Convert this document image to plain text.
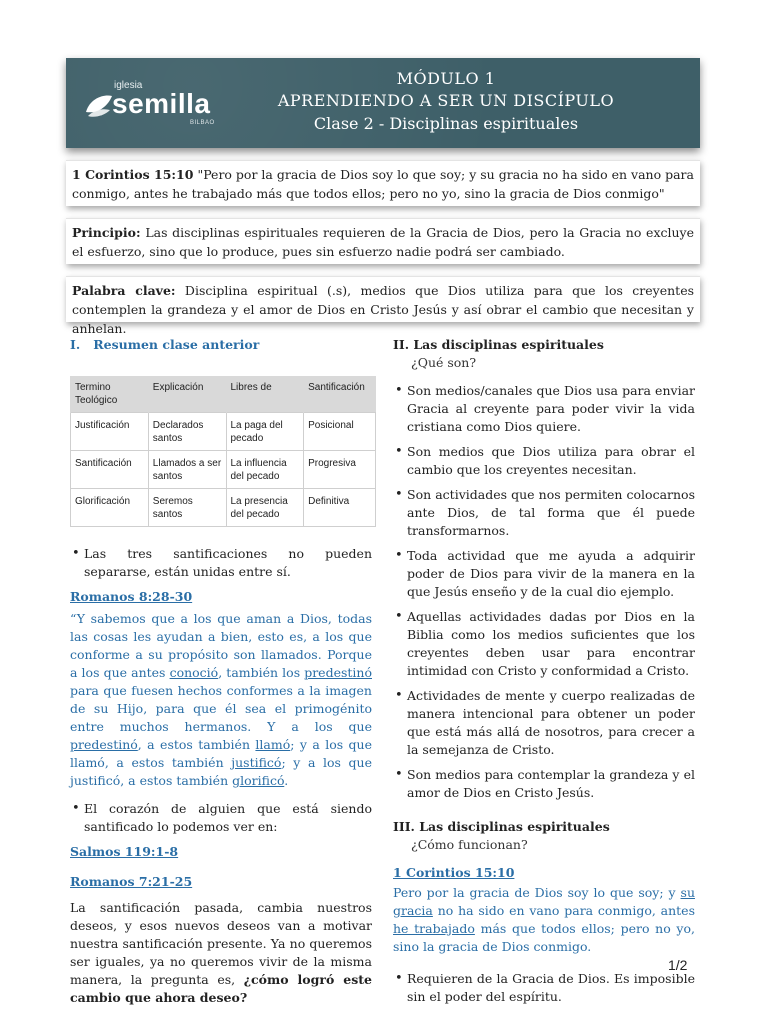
iglesia
semilla
BILBAO
MÓDULO 1
APRENDIENDO A SER UN DISCÍPULO
Clase 2 - Disciplinas espirituales
1 Corintios 15:10 "Pero por la gracia de Dios soy lo que soy; y su gracia no ha sido en vano para conmigo, antes he trabajado más que todos ellos; pero no yo, sino la gracia de Dios conmigo"
Principio: Las disciplinas espirituales requieren de la Gracia de Dios, pero la Gracia no excluye el esfuerzo, sino que lo produce, pues sin esfuerzo nadie podrá ser cambiado.
Palabra clave: Disciplina espiritual (.s), medios que Dios utiliza para que los creyentes contemplen la grandeza y el amor de Dios en Cristo Jesús y así obrar el cambio que necesitan y anhelan.
I.   Resumen clase anterior
Termino Teológico	Explicación	Libres de	Santificación
Justificación	Declarados santos	La paga del pecado	Posicional
Santificación	Llamados a ser santos	La influencia del pecado	Progresiva
Glorificación	Seremos santos	La presencia del pecado	Definitiva
• Las tres santificaciones no pueden separarse, están unidas entre sí.
Romanos 8:28-30

“Y sabemos que a los que aman a Dios, todas las cosas les ayudan a bien, esto es, a los que conforme a su propósito son llamados. Porque a los que antes conoció, también los predestinó para que fuesen hechos conformes a la imagen de su Hijo, para que él sea el primogénito entre muchos hermanos. Y a los que predestinó, a estos también llamó; y a los que llamó, a estos también justificó; y a los que justificó, a estos también glorificó.

• El corazón de alguien que está siendo santificado lo podemos ver en:
Salmos 119:1-8
Romanos 7:21-25

La santificación pasada, cambia nuestros deseos, y esos nuevos deseos van a motivar nuestra santificación presente. Ya no queremos ser iguales, ya no queremos vivir de la misma manera, la pregunta es, ¿cómo logró este cambio que ahora deseo?

II. Las disciplinas espirituales
¿Qué son?
• Son medios/canales que Dios usa para enviar Gracia al creyente para poder vivir la vida cristiana como Dios quiere.
• Son medios que Dios utiliza para obrar el cambio que los creyentes necesitan.
• Son actividades que nos permiten colocarnos ante Dios, de tal forma que él puede transformarnos.
• Toda actividad que me ayuda a adquirir poder de Dios para vivir de la manera en la que Jesús enseño y de la cual dio ejemplo.
• Aquellas actividades dadas por Dios en la Biblia como los medios suficientes que los creyentes deben usar para encontrar intimidad con Cristo y conformidad a Cristo.
• Actividades de mente y cuerpo realizadas de manera intencional para obtener un poder que está más allá de nosotros, para crecer a la semejanza de Cristo.
• Son medios para contemplar la grandeza y el amor de Dios en Cristo Jesús.
III. Las disciplinas espirituales
¿Cómo funcionan?
1 Corintios 15:10

Pero por la gracia de Dios soy lo que soy; y su gracia no ha sido en vano para conmigo, antes he trabajado más que todos ellos; pero no yo, sino la gracia de Dios conmigo.

• Requieren de la Gracia de Dios. Es imposible sin el poder del espíritu.
1/2
